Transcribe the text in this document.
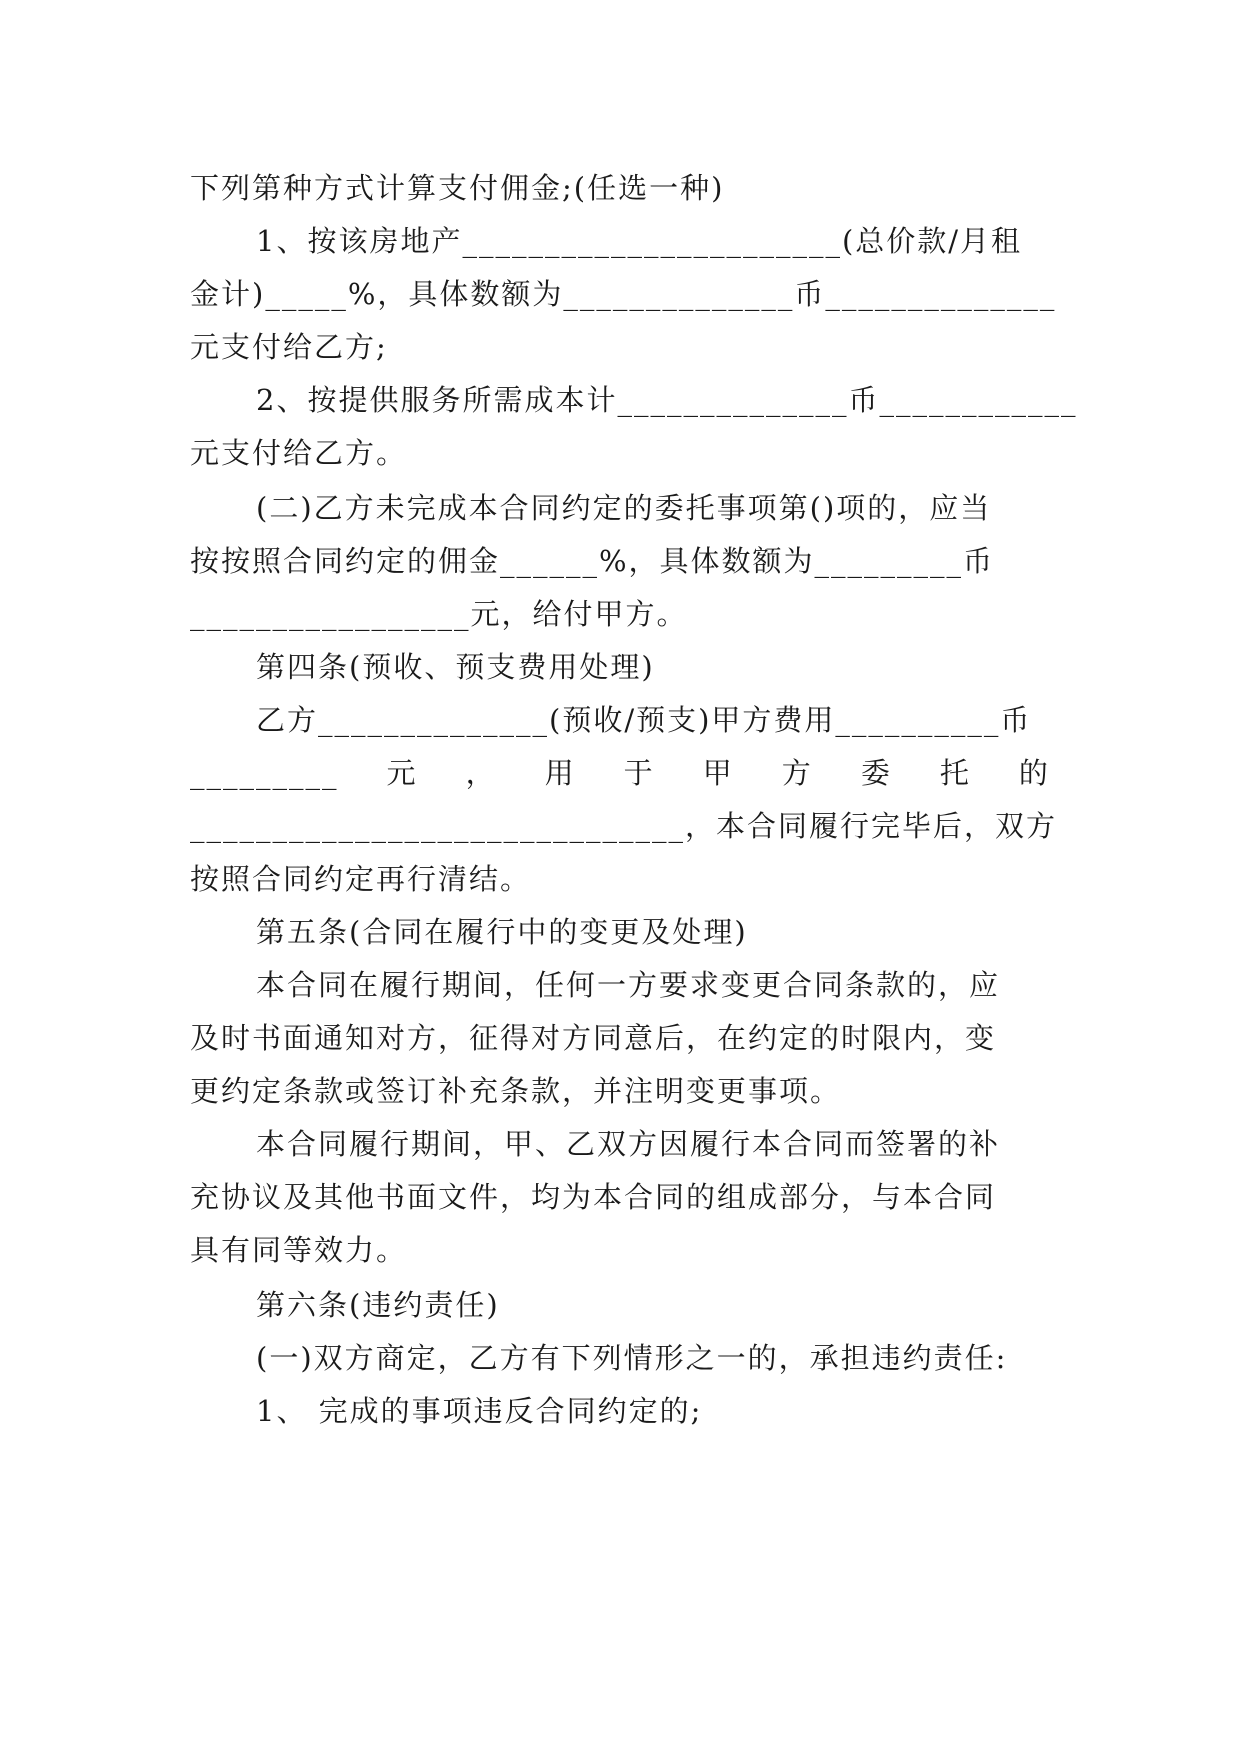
下列第种方式计算支付佣金;(任选一种)
1、按该房地产_______________________(总价款/月租
金计)_____%，具体数额为______________币______________
元支付给乙方;
2、按提供服务所需成本计______________币____________
元支付给乙方。
(二)乙方未完成本合同约定的委托事项第()项的，应当
按按照合同约定的佣金______%，具体数额为_________币
_________________元，给付甲方。
第四条(预收、预支费用处理)
乙方______________(预收/预支)甲方费用__________币
_________ 元 ， 用 于 甲 方 委 托 的
______________________________，本合同履行完毕后，双方
按照合同约定再行清结。
第五条(合同在履行中的变更及处理)
本合同在履行期间，任何一方要求变更合同条款的，应
及时书面通知对方，征得对方同意后，在约定的时限内，变
更约定条款或签订补充条款，并注明变更事项。
本合同履行期间，甲、乙双方因履行本合同而签署的补
充协议及其他书面文件，均为本合同的组成部分，与本合同
具有同等效力。
第六条(违约责任)
(一)双方商定，乙方有下列情形之一的，承担违约责任:
1、 完成的事项违反合同约定的;
